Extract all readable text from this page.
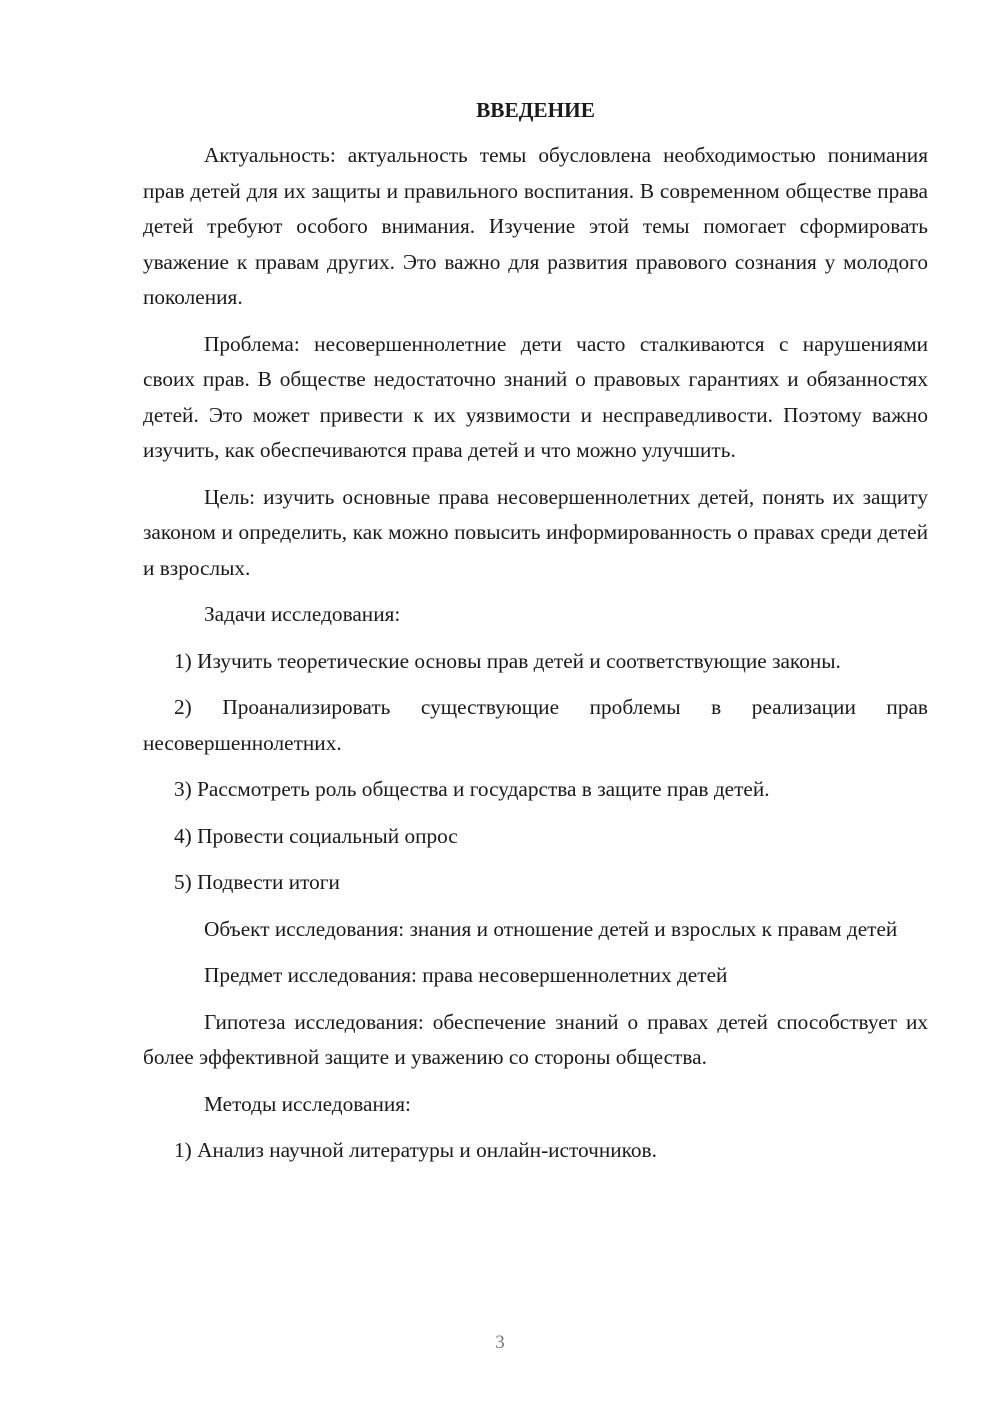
ВВЕДЕНИЕ

Актуальность: актуальность темы обусловлена необходимостью понимания прав детей для их защиты и правильного воспитания. В современном обществе права детей требуют особого внимания. Изучение этой темы помогает сформировать уважение к правам других. Это важно для развития правового сознания у молодого поколения.

Проблема: несовершеннолетние дети часто сталкиваются с нарушениями своих прав. В обществе недостаточно знаний о правовых гарантиях и обязанностях детей. Это может привести к их уязвимости и несправедливости. Поэтому важно изучить, как обеспечиваются права детей и что можно улучшить.

Цель: изучить основные права несовершеннолетних детей, понять их защиту законом и определить, как можно повысить информированность о правах среди детей и взрослых.

Задачи исследования:

1) Изучить теоретические основы прав детей и соответствующие законы.

2) Проанализировать существующие проблемы в реализации прав несовершеннолетних.

3) Рассмотреть роль общества и государства в защите прав детей.

4) Провести социальный опрос

5) Подвести итоги

Объект исследования: знания и отношение детей и взрослых к правам детей

Предмет исследования: права несовершеннолетних детей

Гипотеза исследования: обеспечение знаний о правах детей способствует их более эффективной защите и уважению со стороны общества.

Методы исследования:

1) Анализ научной литературы и онлайн-источников.

3
